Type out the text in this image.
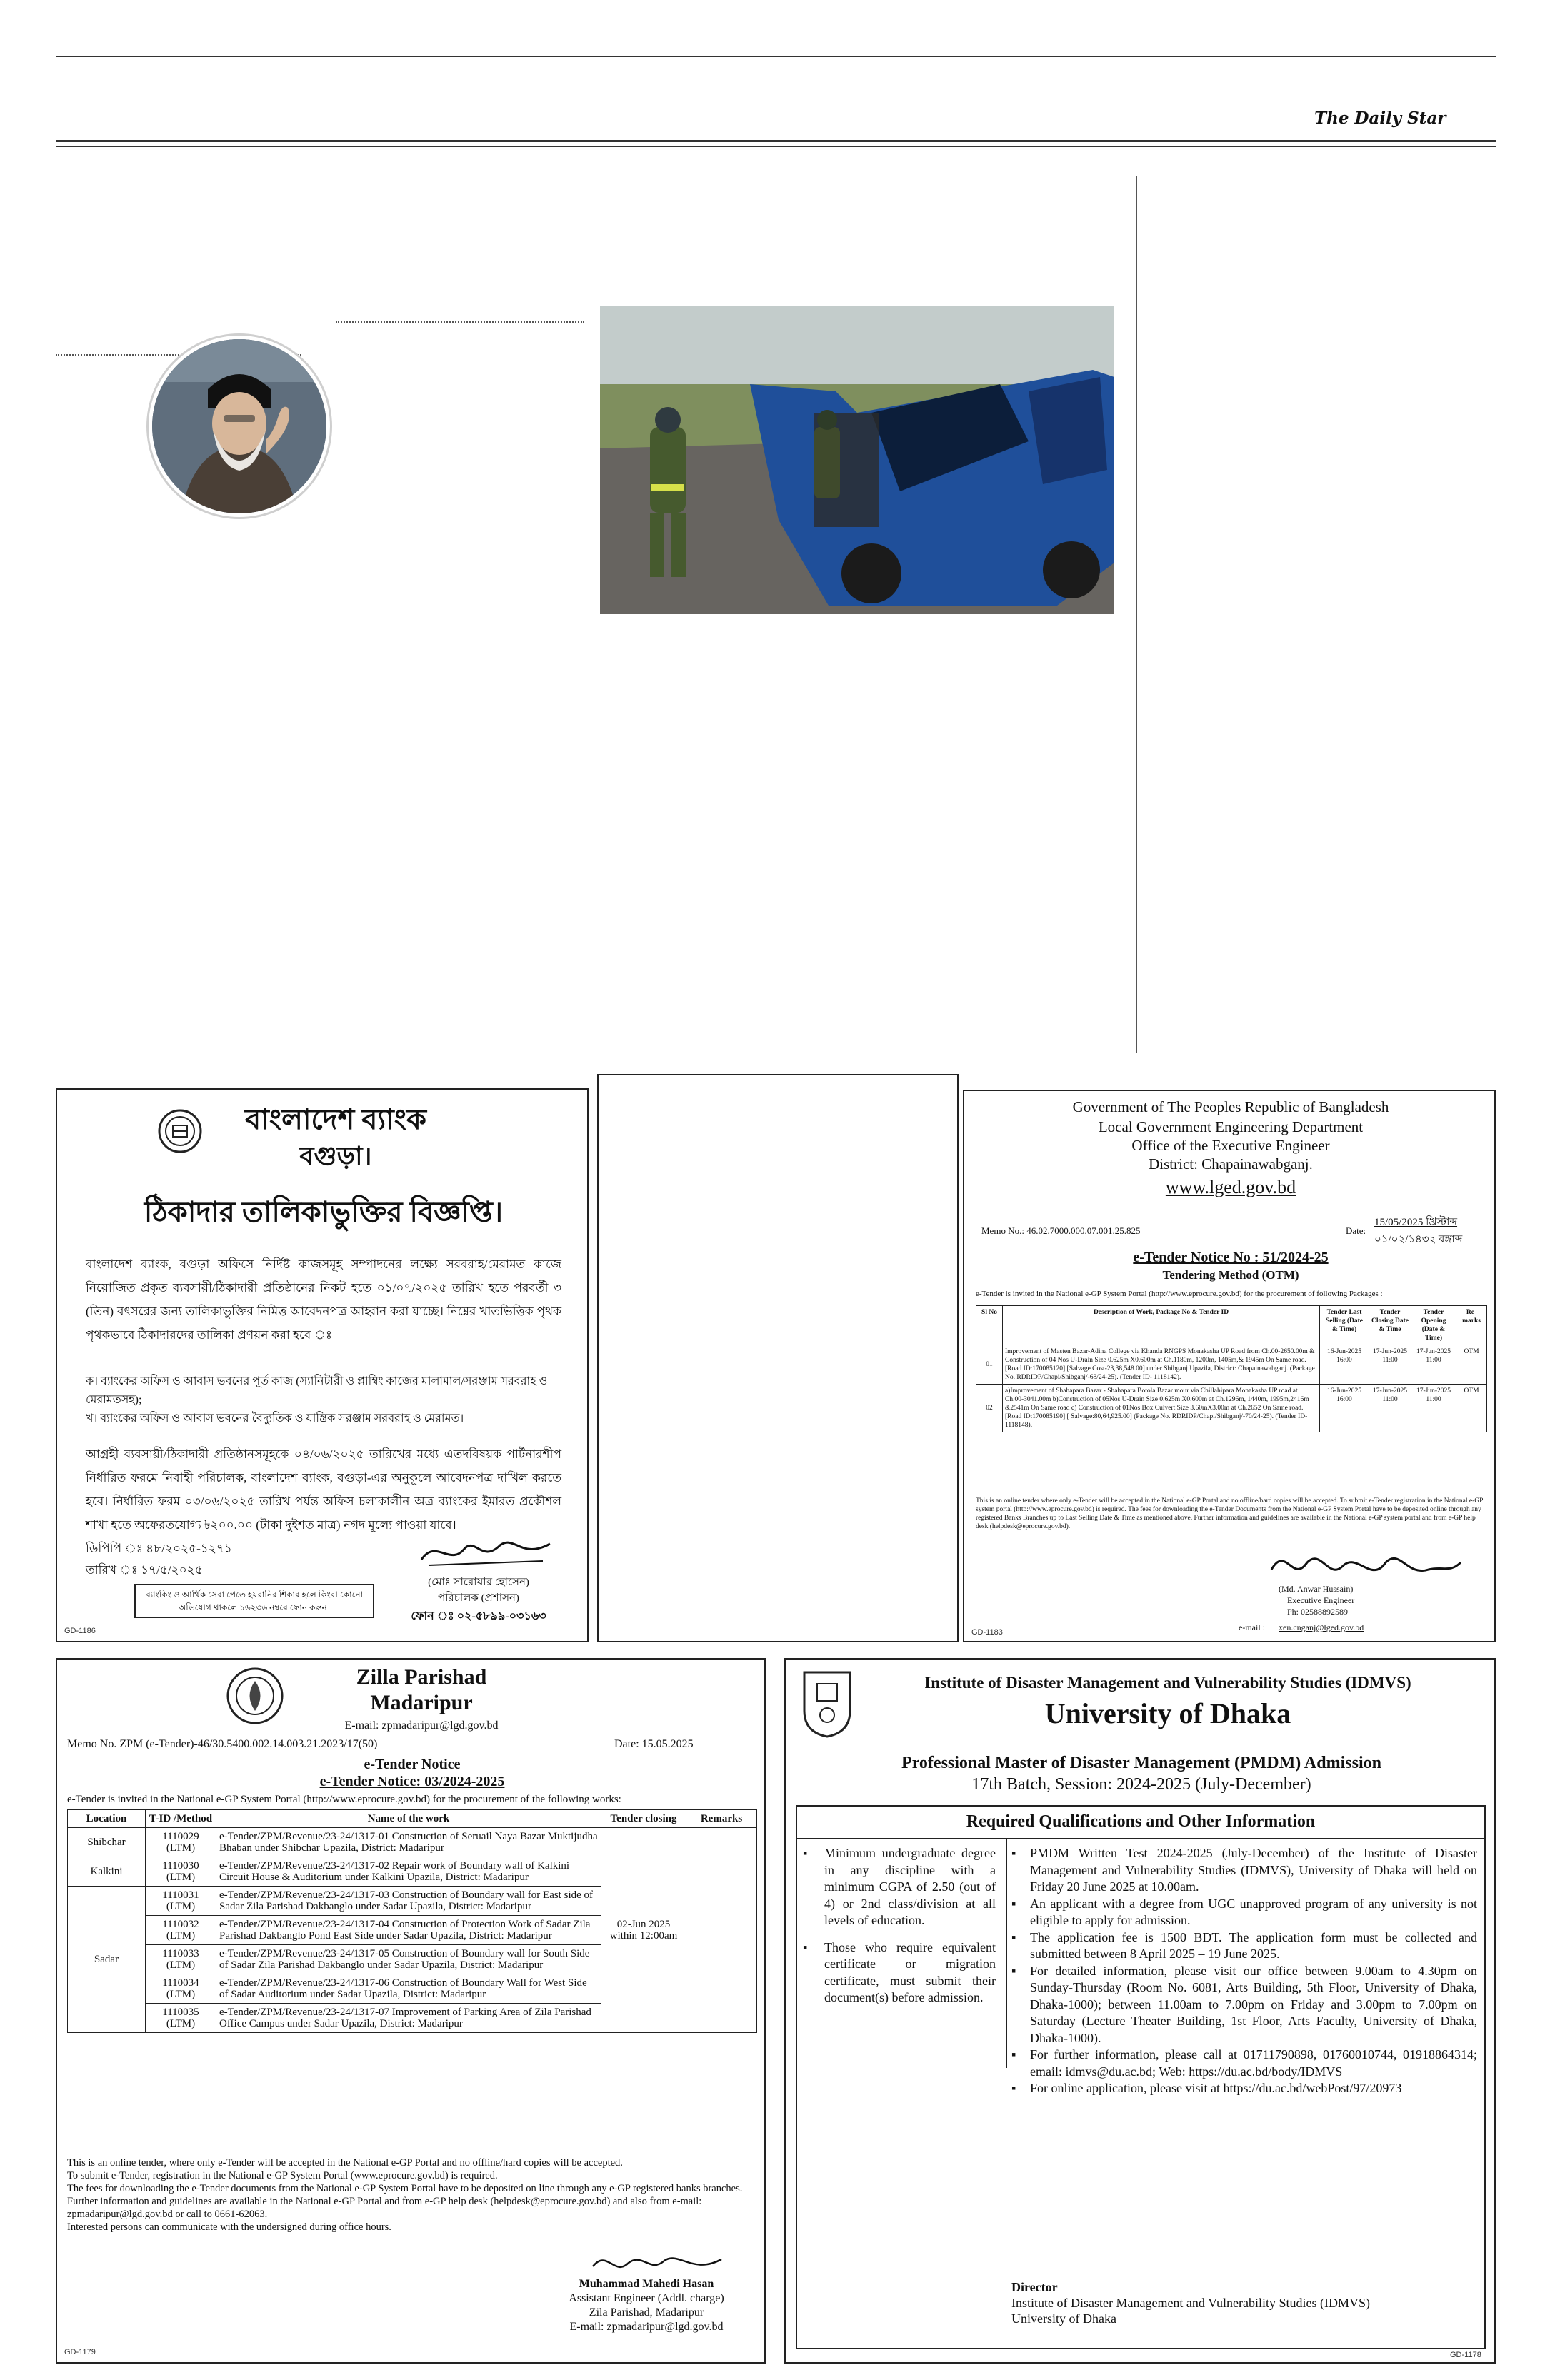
The Daily Star
বাংলাদেশ ব্যাংক
বগুড়া।
ঠিকাদার তালিকাভুক্তির বিজ্ঞপ্তি।
বাংলাদেশ ব্যাংক, বগুড়া অফিসে নির্দিষ্ট কাজসমূহ সম্পাদনের লক্ষ্যে সরবরাহ/মেরামত কাজে নিয়োজিত প্রকৃত ব্যবসায়ী/ঠিকাদারী প্রতিষ্ঠানের নিকট হতে ০১/০৭/২০২৫ তারিখ হতে পরবর্তী ৩ (তিন) বৎসরের জন্য তালিকাভুক্তির নিমিত্ত আবেদনপত্র আহ্বান করা যাচ্ছে। নিম্নের খাতভিত্তিক পৃথক পৃথকভাবে ঠিকাদারদের তালিকা প্রণয়ন করা হবে ঃ
ক। ব্যাংকের অফিস ও আবাস ভবনের পূর্ত কাজ (স্যানিটারী ও প্লাম্বিং কাজের মালামাল/সরঞ্জাম সরবরাহ ও মেরামতসহ);
খ। ব্যাংকের অফিস ও আবাস ভবনের বৈদ্যুতিক ও যান্ত্রিক সরঞ্জাম সরবরাহ ও মেরামত।
আগ্রহী ব্যবসায়ী/ঠিকাদারী প্রতিষ্ঠানসমূহকে ০৪/০৬/২০২৫ তারিখের মধ্যে এতদবিষয়ক পার্টনারশীপ নির্ধারিত ফরমে নিবাহী পরিচালক, বাংলাদেশ ব্যাংক, বগুড়া-এর অনুকূলে আবেদনপত্র দাখিল করতে হবে। নির্ধারিত ফরম ০৩/০৬/২০২৫ তারিখ পর্যন্ত অফিস চলাকালীন অত্র ব্যাংকের ইমারত প্রকৌশল শাখা হতে অফেরতযোগ্য ৳২০০.০০ (টাকা দুইশত মাত্র) নগদ মূল্যে পাওয়া যাবে।
ডিপিপি ঃ ৪৮/২০২৫-১২৭১
তারিখ ঃ ১৭/৫/২০২৫
(মোঃ সারোয়ার হোসেন)
পরিচালক (প্রশাসন)
ফোন ঃ ০২-৫৮৯৯-০৩১৬৩
ব্যাংকিং ও আর্থিক সেবা পেতে হয়রানির শিকার হলে কিংবা কোনো অভিযোগ থাকলে ১৬২৩৬ নম্বরে ফোন করুন।
GD-1186
Government of The Peoples Republic of Bangladesh
Local Government Engineering Department
Office of the Executive Engineer
District: Chapainawabganj.
www.lged.gov.bd
Memo No.: 46.02.7000.000.07.001.25.825	Date:
15/05/2025 খ্রিস্টাব্দ
০১/০২/১৪৩২ বঙ্গাব্দ
e-Tender Notice No : 51/2024-25
Tendering Method (OTM)
e-Tender is invited in the National e-GP System Portal (http://www.eprocure.gov.bd) for the procurement of following Packages :
Sl No	Description of Work, Package No & Tender ID	Tender Last Selling (Date & Time)	Tender Closing Date & Time	Tender Opening (Date & Time)	Re-marks
01	Improvement of Masten Bazar-Adina College via Khanda RNGPS Monakasha UP Road from Ch.00-2650.00m & Construction of 04 Nos U-Drain Size 0.625m X0.600m at Ch.1180m, 1200m, 1405m,& 1945m On Same road.[Road ID:170085120] [Salvage Cost-23,38,548.00] under Shibganj Upazila, District: Chapainawabganj. (Package No. RDRIDP/Chapi/Shibganj/-68/24-25). (Tender ID- 1118142).	16-Jun-2025 16:00	17-Jun-2025 11:00	17-Jun-2025 11:00	OTM
02	a)Improvement of Shahapara Bazar - Shahapara Botola Bazar mour via Chillahipara Monakasha UP road at Ch.00-3041.00m b)Construction of 05Nos U-Drain Size 0.625m X0.600m at Ch.1296m, 1440m, 1995m,2416m &2541m On Same road c) Construction of 01Nos Box Culvert Size 3.60mX3.00m at Ch.2652 On Same road. [Road ID:170085190] [ Salvage:80,64,925.00] (Package No. RDRIDP/Chapi/Shibganj/-70/24-25). (Tender ID- 1118148).	16-Jun-2025 16:00	17-Jun-2025 11:00	17-Jun-2025 11:00	OTM
This is an online tender where only e-Tender will be accepted in the National e-GP Portal and no offline/hard copies will be accepted. To submit e-Tender registration in the National e-GP system portal (http://www.eprocure.gov.bd) is required. The fees for downloading the e-Tender Documents from the National e-GP System Portal have to be deposited online through any registered Banks Branches up to Last Selling Date & Time as mentioned above. Further information and guidelines are available in the National e-GP system portal and from e-GP help desk (helpdesk@eprocure.gov.bd).
(Md. Anwar Hussain)
Executive Engineer
Ph: 02588892589
e-mail : xen.cnganj@lged.gov.bd
GD-1183
Zilla Parishad
Madaripur
E-mail: zpmadaripur@lgd.gov.bd
Memo No. ZPM (e-Tender)-46/30.5400.002.14.003.21.2023/17(50)	Date: 15.05.2025
e-Tender Notice
e-Tender Notice: 03/2024-2025
e-Tender is invited in the National e-GP System Portal (http://www.eprocure.gov.bd) for the procurement of the following works:
Location	T-ID /Method	Name of the work	Tender closing	Remarks
Shibchar	1110029 (LTM)	e-Tender/ZPM/Revenue/23-24/1317-01 Construction of Seruail Naya Bazar Muktijudha Bhaban under Shibchar Upazila, District: Madaripur	02-Jun 2025 within 12:00am	
Kalkini	1110030 (LTM)	e-Tender/ZPM/Revenue/23-24/1317-02 Repair work of Boundary wall of Kalkini Circuit House & Auditorium under Kalkini Upazila, District: Madaripur		
Sadar	1110031 (LTM)	e-Tender/ZPM/Revenue/23-24/1317-03 Construction of Boundary wall for East side of Sadar Zila Parishad Dakbanglo under Sadar Upazila, District: Madaripur		
	1110032 (LTM)	e-Tender/ZPM/Revenue/23-24/1317-04 Construction of Protection Work of Sadar Zila Parishad Dakbanglo Pond East Side under Sadar Upazila, District: Madaripur		
	1110033 (LTM)	e-Tender/ZPM/Revenue/23-24/1317-05 Construction of Boundary wall for South Side of Sadar Zila Parishad Dakbanglo under Sadar Upazila, District: Madaripur		
	1110034 (LTM)	e-Tender/ZPM/Revenue/23-24/1317-06 Construction of Boundary Wall for West Side of Sadar Auditorium under Sadar Upazila, District: Madaripur		
	1110035 (LTM)	e-Tender/ZPM/Revenue/23-24/1317-07 Improvement of Parking Area of Zila Parishad Office Campus under Sadar Upazila, District: Madaripur		
This is an online tender, where only e-Tender will be accepted in the National e-GP Portal and no offline/hard copies will be accepted.
To submit e-Tender, registration in the National e-GP System Portal (www.eprocure.gov.bd) is required.
The fees for downloading the e-Tender documents from the National e-GP System Portal have to be deposited on line through any e-GP registered banks branches.
Further information and guidelines are available in the National e-GP Portal and from e-GP help desk (helpdesk@eprocure.gov.bd) and also from e-mail: zpmadaripur@lgd.gov.bd or call to 0661-62063.
Interested persons can communicate with the undersigned during office hours.
Muhammad Mahedi Hasan
Assistant Engineer (Addl. charge)
Zila Parishad, Madaripur
E-mail: zpmadaripur@lgd.gov.bd
GD-1179
Institute of Disaster Management and Vulnerability Studies (IDMVS)
University of Dhaka
Professional Master of Disaster Management (PMDM) Admission
17th Batch, Session: 2024-2025 (July-December)
Required Qualifications and Other Information
▪	Minimum undergraduate degree in any discipline with a minimum CGPA of 2.50 (out of 4) or 2nd class/division at all levels of education.
▪	Those who require equivalent certificate or migration certificate, must submit their document(s) before admission.
▪	PMDM Written Test 2024-2025 (July-December) of the Institute of Disaster Management and Vulnerability Studies (IDMVS), University of Dhaka will held on Friday 20 June 2025 at 10.00am.
▪	An applicant with a degree from UGC unapproved program of any university is not eligible to apply for admission.
▪	The application fee is 1500 BDT. The application form must be collected and submitted between 8 April 2025 – 19 June 2025.
▪	For detailed information, please visit our office between 9.00am to 4.30pm on Sunday-Thursday (Room No. 6081, Arts Building, 5th Floor, University of Dhaka, Dhaka-1000); between 11.00am to 7.00pm on Friday and 3.00pm to 7.00pm on Saturday (Lecture Theater Building, 1st Floor, Arts Faculty, University of Dhaka, Dhaka-1000).
▪	For further information, please call at 01711790898, 01760010744, 01918864314; email: idmvs@du.ac.bd; Web: https://du.ac.bd/body/IDMVS
▪	For online application, please visit at https://du.ac.bd/webPost/97/20973
Director
Institute of Disaster Management and Vulnerability Studies (IDMVS)
University of Dhaka
GD-1178
